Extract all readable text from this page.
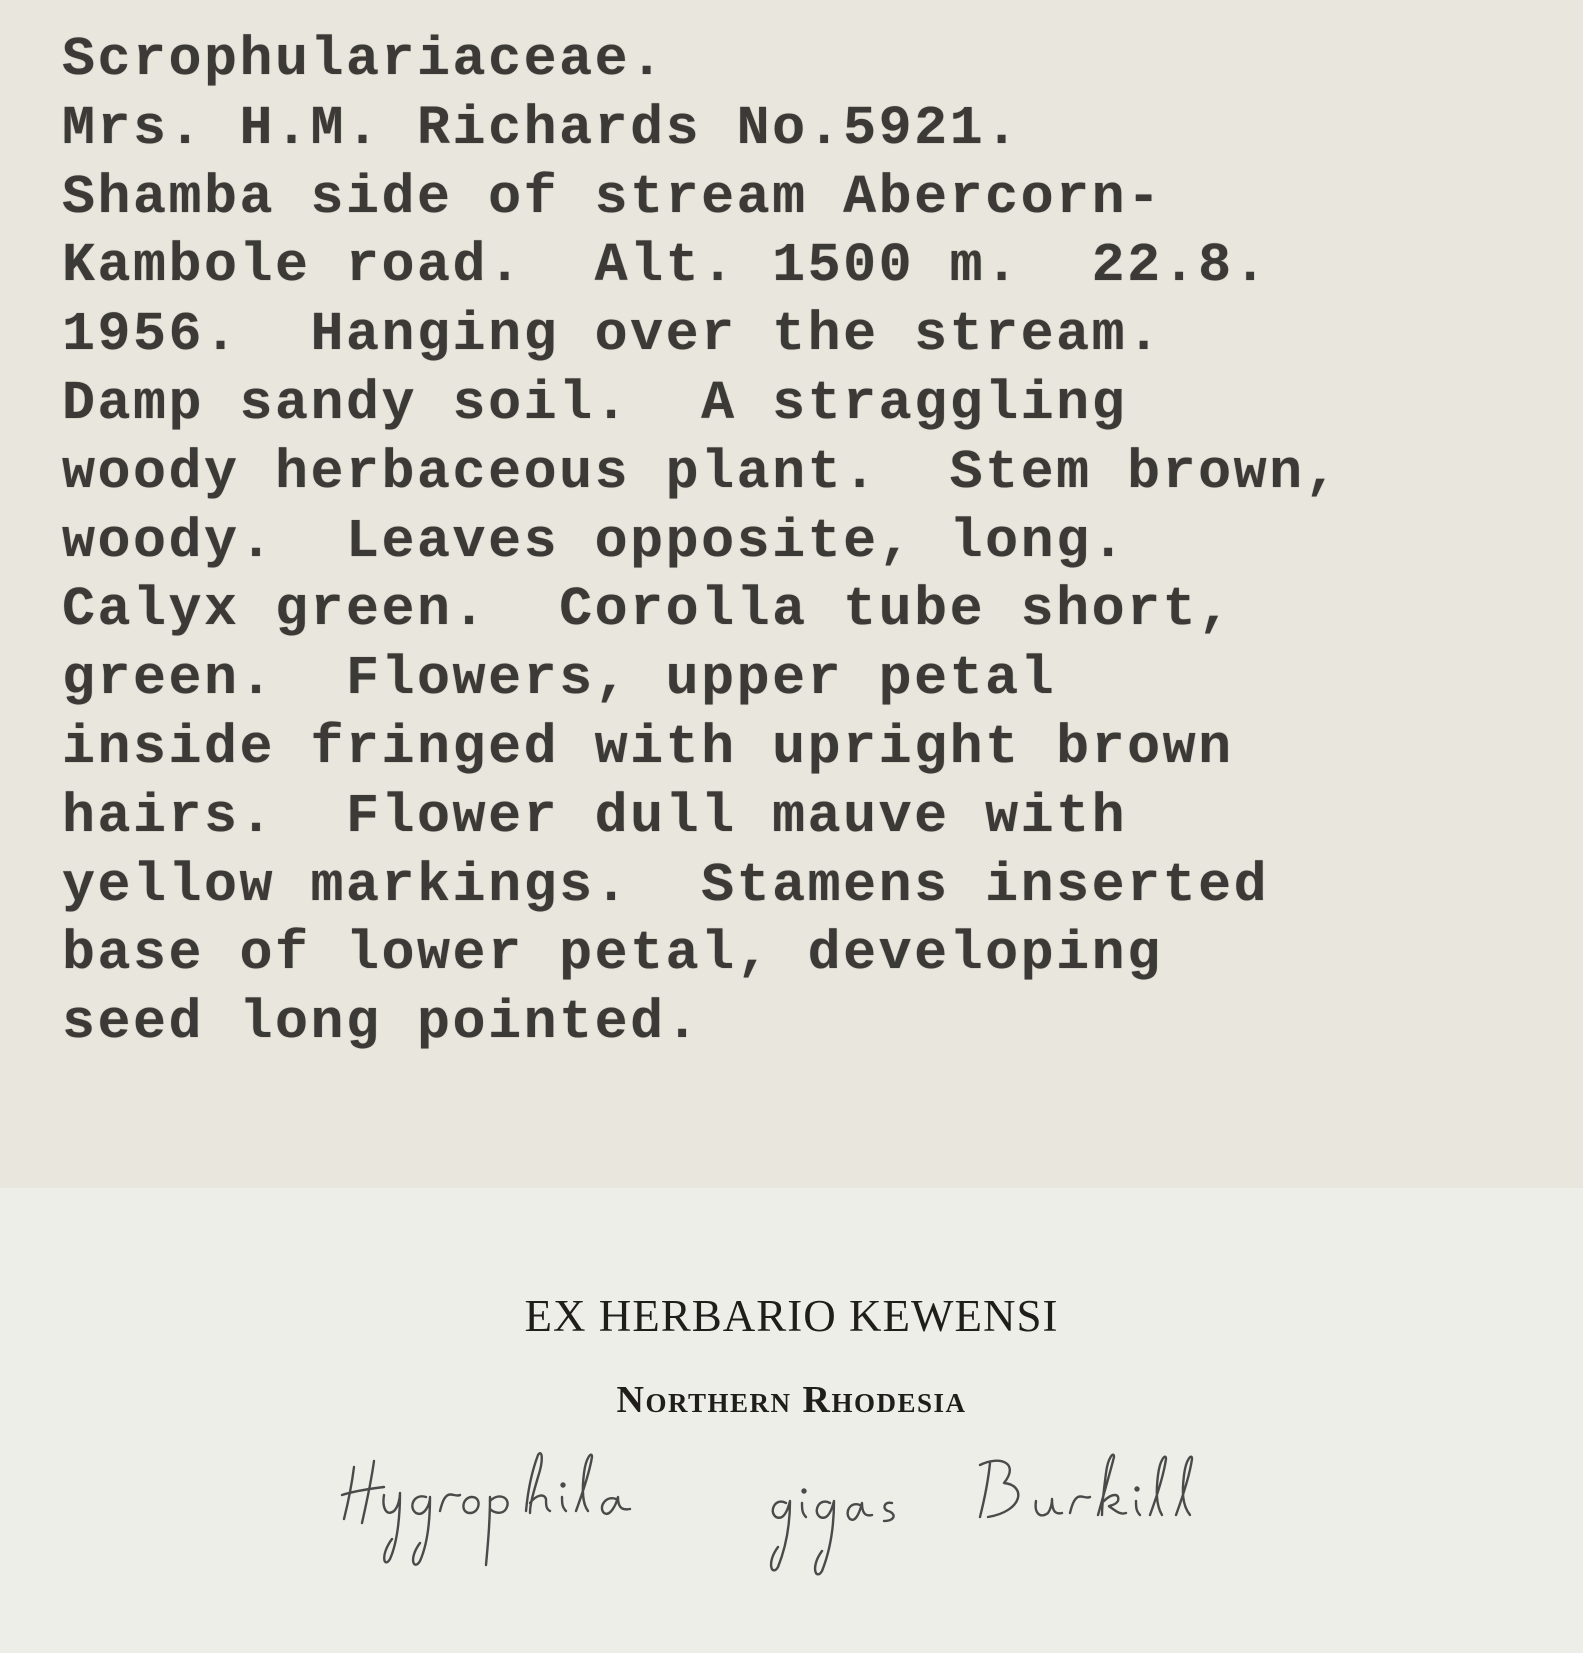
Scrophulariaceae.
Mrs. H.M. Richards No.5921.
Shamba side of stream Abercorn-
Kambole road.  Alt. 1500 m.  22.8.
1956.  Hanging over the stream.
Damp sandy soil.  A straggling
woody herbaceous plant.  Stem brown,
woody.  Leaves opposite, long.
Calyx green.  Corolla tube short,
green.  Flowers, upper petal
inside fringed with upright brown
hairs.  Flower dull mauve with
yellow markings.  Stamens inserted
base of lower petal, developing
seed long pointed.
EX HERBARIO KEWENSI
Northern Rhodesia
